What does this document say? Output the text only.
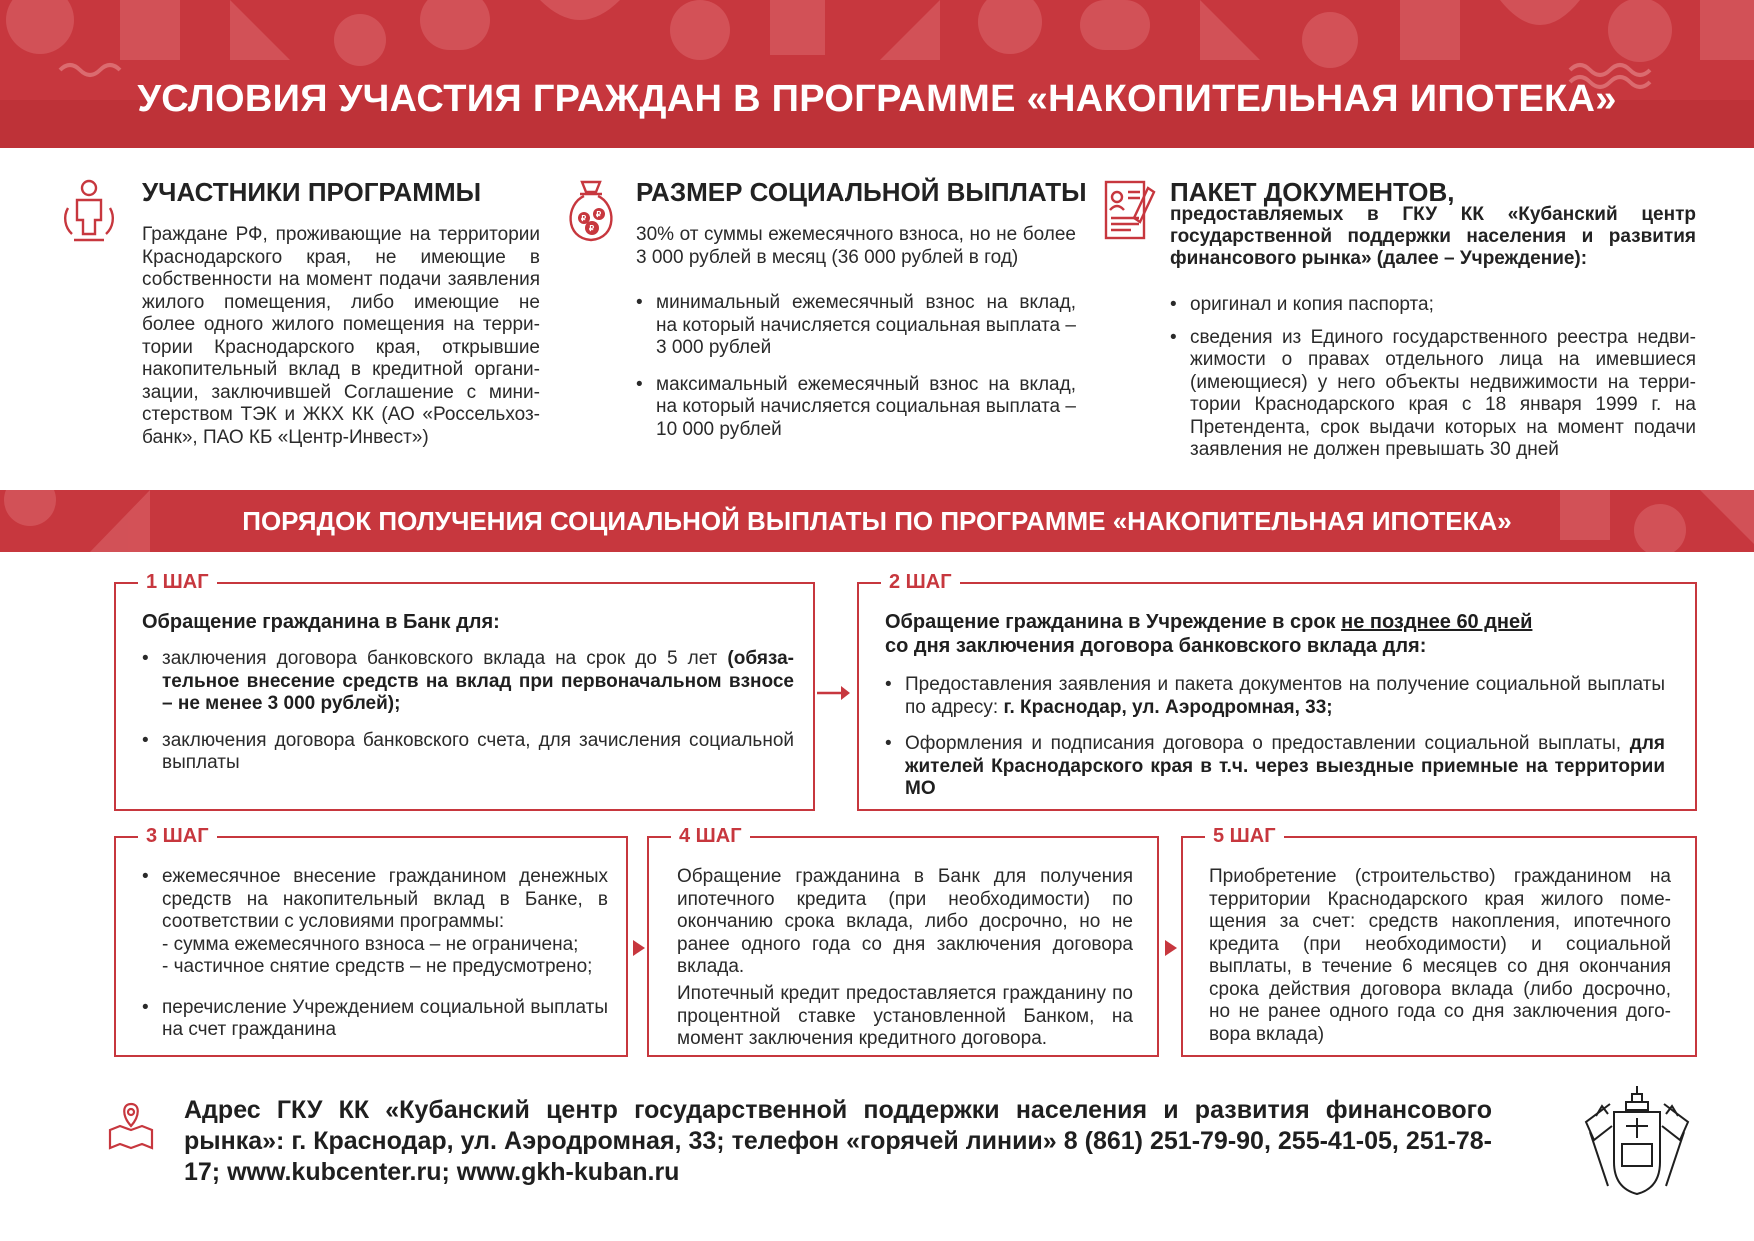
УСЛОВИЯ УЧАСТИЯ ГРАЖДАН В ПРОГРАММЕ «НАКОПИТЕЛЬНАЯ ИПОТЕКА»
УЧАСТНИКИ ПРОГРАММЫ
Граждане РФ, проживающие на территории Краснодарского края, не имеющие в собственности на момент подачи заявления жилого помещения, либо имеющие не более одного жилого помещения на территории Краснодарского края, открывшие накопительный вклад в кредитной организации, заключившей Соглашение с министерством ТЭК и ЖКХ КК (АО «Россельхозбанк», ПАО КБ «Центр-Инвест»)
₽ ₽
₽
РАЗМЕР СОЦИАЛЬНОЙ ВЫПЛАТЫ
30% от суммы ежемесячного взноса, но не более 3 000 рублей в месяц (36 000 рублей в год)
• минимальный ежемесячный взнос на вклад, на который начисляется социальная выплата – 3 000 рублей
• максимальный ежемесячный взнос на вклад, на который начисляется социальная выплата – 10 000 рублей
ПАКЕТ ДОКУМЕНТОВ,
предоставляемых в ГКУ КК «Кубанский центр государственной поддержки населения и развития финансового рынка» (далее – Учреждение):
• оригинал и копия паспорта;
• сведения из Единого государственного реестра недвижимости о правах отдельного лица на имевшиеся (имеющиеся) у него объекты недвижимости на территории Краснодарского края с 18 января 1999 г. на Претендента, срок выдачи которых на момент подачи заявления не должен превышать 30 дней
ПОРЯДОК ПОЛУЧЕНИЯ СОЦИАЛЬНОЙ ВЫПЛАТЫ ПО ПРОГРАММЕ «НАКОПИТЕЛЬНАЯ ИПОТЕКА»
1 ШАГ
Обращение гражданина в Банк для:
• заключения договора банковского вклада на срок до 5 лет (обязательное внесение средств на вклад при первоначальном взносе – не менее 3 000 рублей);
• заключения договора банковского счета, для зачисления социальной выплаты
2 ШАГ
Обращение гражданина в Учреждение в срок не позднее 60 дней
со дня заключения договора банковского вклада для:
• Предоставления заявления и пакета документов на получение социальной выплаты по адресу: г. Краснодар, ул. Аэродромная, 33;
• Оформления и подписания договора о предоставлении социальной выплаты, для жителей Краснодарского края в т.ч. через выездные приемные на территории МО
3 ШАГ
• ежемесячное внесение гражданином денежных средств на накопительный вклад в Банке, в соответствии с условиями программы:
- сумма ежемесячного взноса – не ограничена;
- частичное снятие средств – не предусмотрено;
• перечисление Учреждением социальной выплаты на счет гражданина
4 ШАГ
Обращение гражданина в Банк для получения ипотечного кредита (при необходимости) по окончанию срока вклада, либо досрочно, но не ранее одного года со дня заключения договора вклада.
Ипотечный кредит предоставляется гражданину по процентной ставке установленной Банком, на момент заключения кредитного договора.
5 ШАГ
Приобретение (строительство) гражданином на территории Краснодарского края жилого помещения за счет: средств накопления, ипотечного кредита (при необходимости) и социальной выплаты, в течение 6 месяцев со дня окончания срока действия договора вклада (либо досрочно, но не ранее одного года со дня заключения договора вклада)
Адрес ГКУ КК «Кубанский центр государственной поддержки населения и развития финансового рынка»: г. Краснодар, ул. Аэродромная, 33; телефон «горячей линии» 8 (861) 251-79-90, 255-41-05, 251-78-17; www.kubcenter.ru; www.gkh-kuban.ru
